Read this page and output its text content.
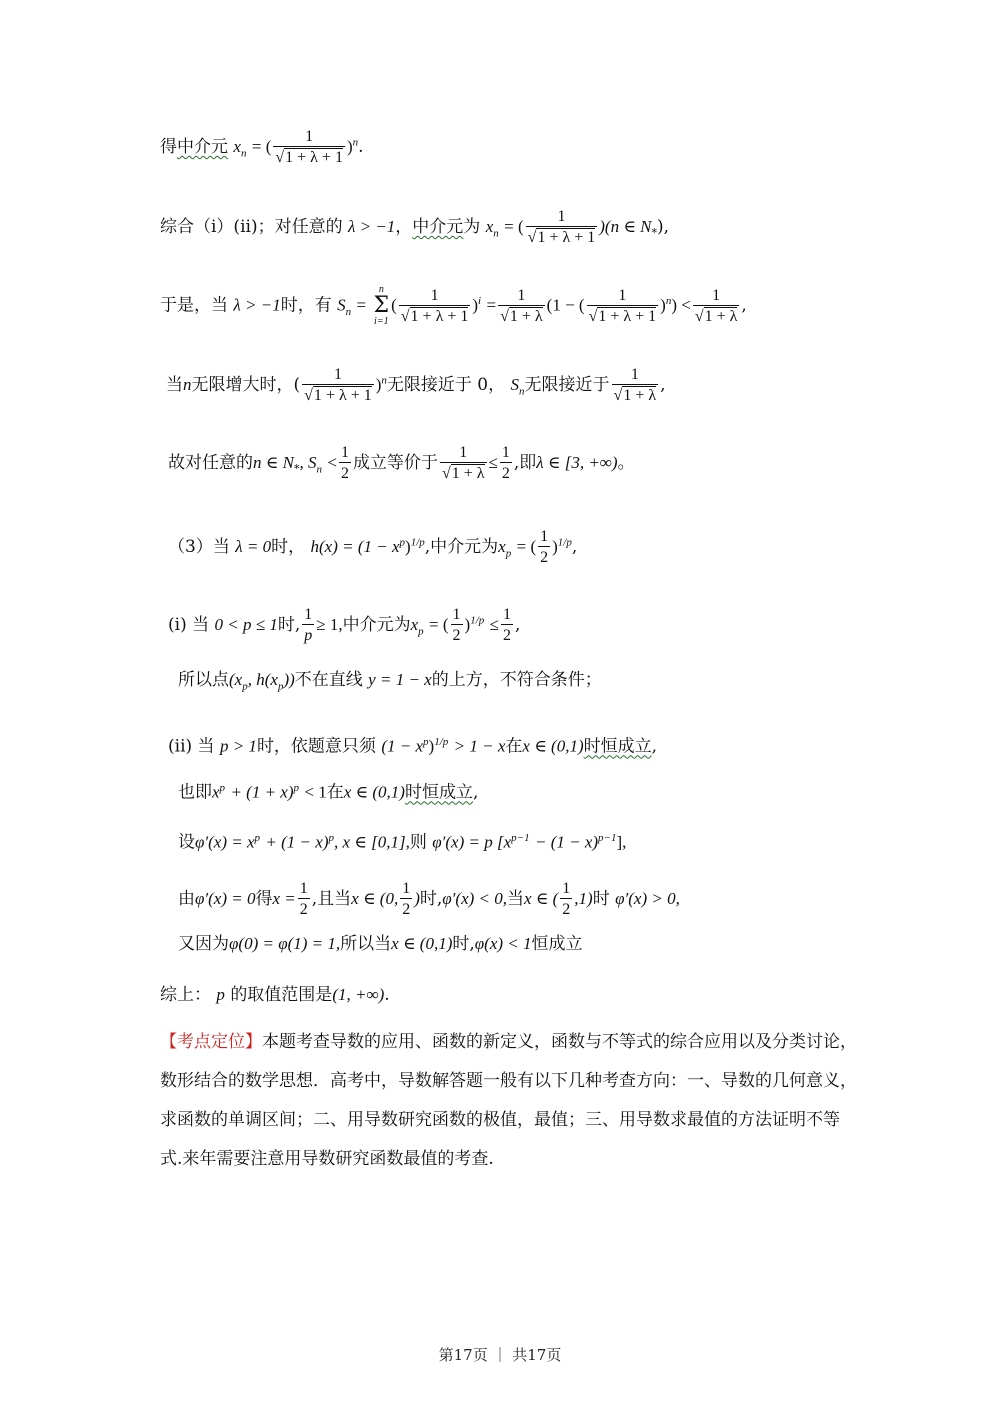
得中介元 $x_n$ = ( $\frac{1}{√1 + \lambda + 1} )^n$.
综合（i）(ii)；对任意的 λ > −1，中介元为 $x_n$ = ( $\frac{1}{√1 + \lambda + 1} )(n$ ∈ $N_*$),
于是，当 λ > −1时，有 $S_n$ =
n
Σ
i=1
( $\frac{1}{√1 + \lambda + 1} )^i = \frac{1}{√1 + \lambda} (1$ − ( $\frac{1}{√1 + \lambda + 1} )^n) < \frac{1}{√1 + \lambda}$ ,
当n无限增大时，( $\frac{1}{√1 + \lambda + 1} )^n$无限接近于 0， $S_n$无限接近于 $\frac{1}{√1 + \lambda}$ ,
故对任意的n ∈ $N_*$, $S_n < \frac{1}{2}$ 成立等价于 $\frac{1}{√1 + \lambda} \le \frac{1}{2}$ ,即λ ∈ [3, +∞)。
（3）当 λ = 0时， $h(x) = (1 - x^p)^{1/p}$,中介元为$x_p$ = ( $\frac{1}{2} )^{1/p}$,
(i) 当 0 < p ≤ 1时, $\frac{1}{p} \ge 1$,中介元为$x_p$ = ( $\frac{1}{2} )^{1/p} \le \frac{1}{2}$ ,
所以点($x_p$, $h(x_p)$)不在直线 y = 1 − x的上方，不符合条件；
(ii) 当 p > 1时，依题意只须 $(1 - x^p)^{1/p} > 1 - x$在x ∈ (0,1)时恒成立,
也即$x^p + (1 + x)^p < 1$在x ∈ (0,1)时恒成立,
设$\varphi'(x) = x^p + (1 - x)^p$, x ∈ [0,1],则 φ′(x) = p $[x^{p-1} - (1 - x)^{p-1}]$,
由φ′(x) = 0得$x = \frac{1}{2}$ ,且当x ∈ (0, $\frac{1}{2}$ )时,φ′(x) < 0,当x ∈ ( $\frac{1}{2} ,1$)时 φ′(x) > 0,
又因为φ(0) = φ(1) = 1,所以当x ∈ (0,1)时,φ(x) < 1恒成立
综上： p 的取值范围是(1, +∞).
【考点定位】本题考查导数的应用、函数的新定义，函数与不等式的综合应用以及分类讨论，数形结合的数学思想．高考中，导数解答题一般有以下几种考查方向：一、导数的几何意义，求函数的单调区间；二、用导数研究函数的极值，最值；三、用导数求最值的方法证明不等式.来年需要注意用导数研究函数最值的考查.
第17页 ｜ 共17页
